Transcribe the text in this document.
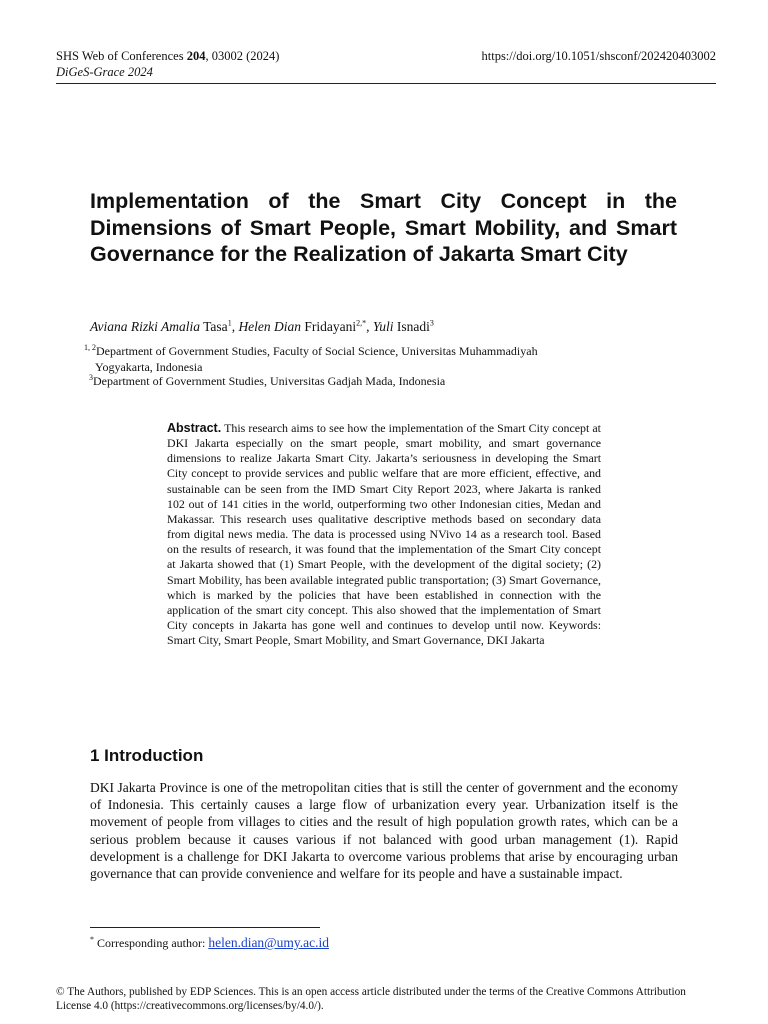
SHS Web of Conferences 204, 03002 (2024)	https://doi.org/10.1051/shsconf/202420403002
DiGeS-Grace 2024
Implementation of the Smart City Concept in the Dimensions of Smart People, Smart Mobility, and Smart Governance for the Realization of Jakarta Smart City
Aviana Rizki Amalia Tasa$^1$, Helen Dian Fridayani$^{2,*}$, Yuli Isnadi$^3$
$^{1, 2}$Department of Government Studies, Faculty of Social Science, Universitas Muhammadiyah
Yogyakarta, Indonesia
$^3$Department of Government Studies, Universitas Gadjah Mada, Indonesia
Abstract. This research aims to see how the implementation of the Smart City concept at DKI Jakarta especially on the smart people, smart mobility, and smart governance dimensions to realize Jakarta Smart City. Jakarta’s seriousness in developing the Smart City concept to provide services and public welfare that are more efficient, effective, and sustainable can be seen from the IMD Smart City Report 2023, where Jakarta is ranked 102 out of 141 cities in the world, outperforming two other Indonesian cities, Medan and Makassar. This research uses qualitative descriptive methods based on secondary data from digital news media. The data is processed using NVivo 14 as a research tool. Based on the results of research, it was found that the implementation of the Smart City concept at Jakarta showed that (1) Smart People, with the development of the digital society; (2) Smart Mobility, has been available integrated public transportation; (3) Smart Governance, which is marked by the policies that have been established in connection with the application of the smart city concept. This also showed that the implementation of Smart City concepts in Jakarta has gone well and continues to develop until now. Keywords: Smart City, Smart People, Smart Mobility, and Smart Governance, DKI Jakarta
1 Introduction
DKI Jakarta Province is one of the metropolitan cities that is still the center of government and the economy of Indonesia. This certainly causes a large flow of urbanization every year. Urbanization itself is the movement of people from villages to cities and the result of high population growth rates, which can be a serious problem because it causes various if not balanced with good urban management (1). Rapid development is a challenge for DKI Jakarta to overcome various problems that arise by encouraging urban governance that can provide convenience and welfare for its people and have a sustainable impact.
* Corresponding author: helen.dian@umy.ac.id
© The Authors, published by EDP Sciences. This is an open access article distributed under the terms of the Creative Commons Attribution License 4.0 (https://creativecommons.org/licenses/by/4.0/).
